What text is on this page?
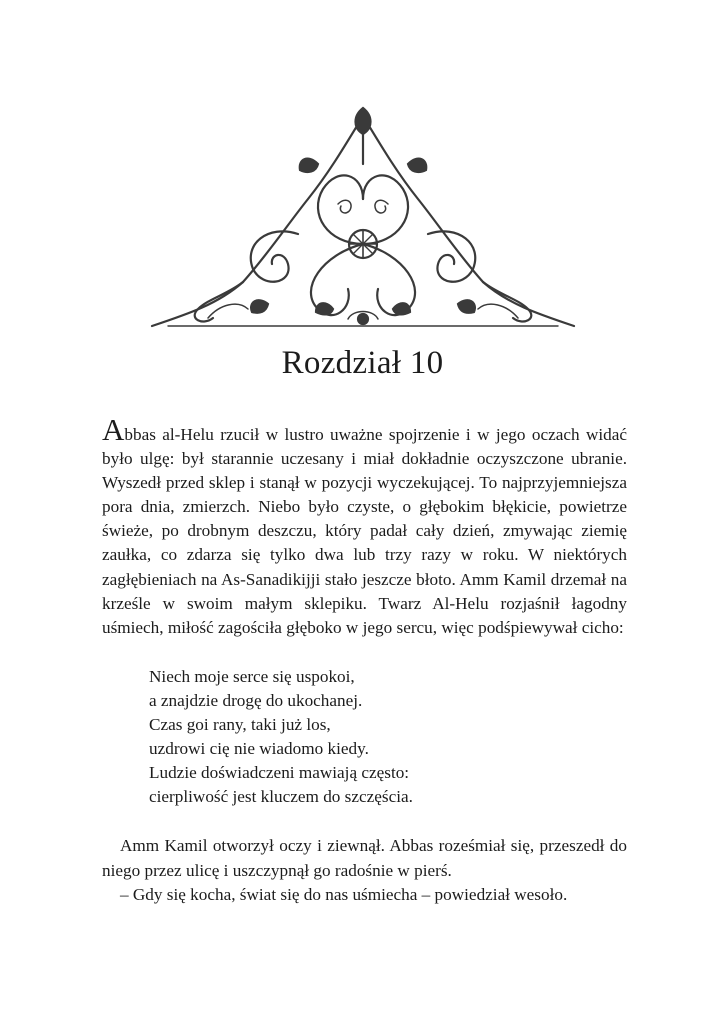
Rozdział 10

Abbas al-Helu rzucił w lustro uważne spojrzenie i w jego oczach widać było ulgę: był starannie uczesany i miał dokładnie oczyszczone ubranie. Wyszedł przed sklep i stanął w pozycji wyczekującej. To najprzyjemniejsza pora dnia, zmierzch. Niebo było czyste, o głębokim błękicie, powietrze świeże, po drobnym deszczu, który padał cały dzień, zmywając ziemię zaułka, co zdarza się tylko dwa lub trzy razy w roku. W niektórych zagłębieniach na As-Sanadikijji stało jeszcze błoto. Amm Kamil drzemał na krześle w swoim małym sklepiku. Twarz Al-Helu rozjaśnił łagodny uśmiech, miłość zagościła głęboko w jego sercu, więc podśpiewywał cicho:

Niech moje serce się uspokoi,
a znajdzie drogę do ukochanej.
Czas goi rany, taki już los,
uzdrowi cię nie wiadomo kiedy.
Ludzie doświadczeni mawiają często:
cierpliwość jest kluczem do szczęścia.

Amm Kamil otworzył oczy i ziewnął. Abbas roześmiał się, przeszedł do niego przez ulicę i uszczypnął go radośnie w pierś.

– Gdy się kocha, świat się do nas uśmiecha – powiedział wesoło.
